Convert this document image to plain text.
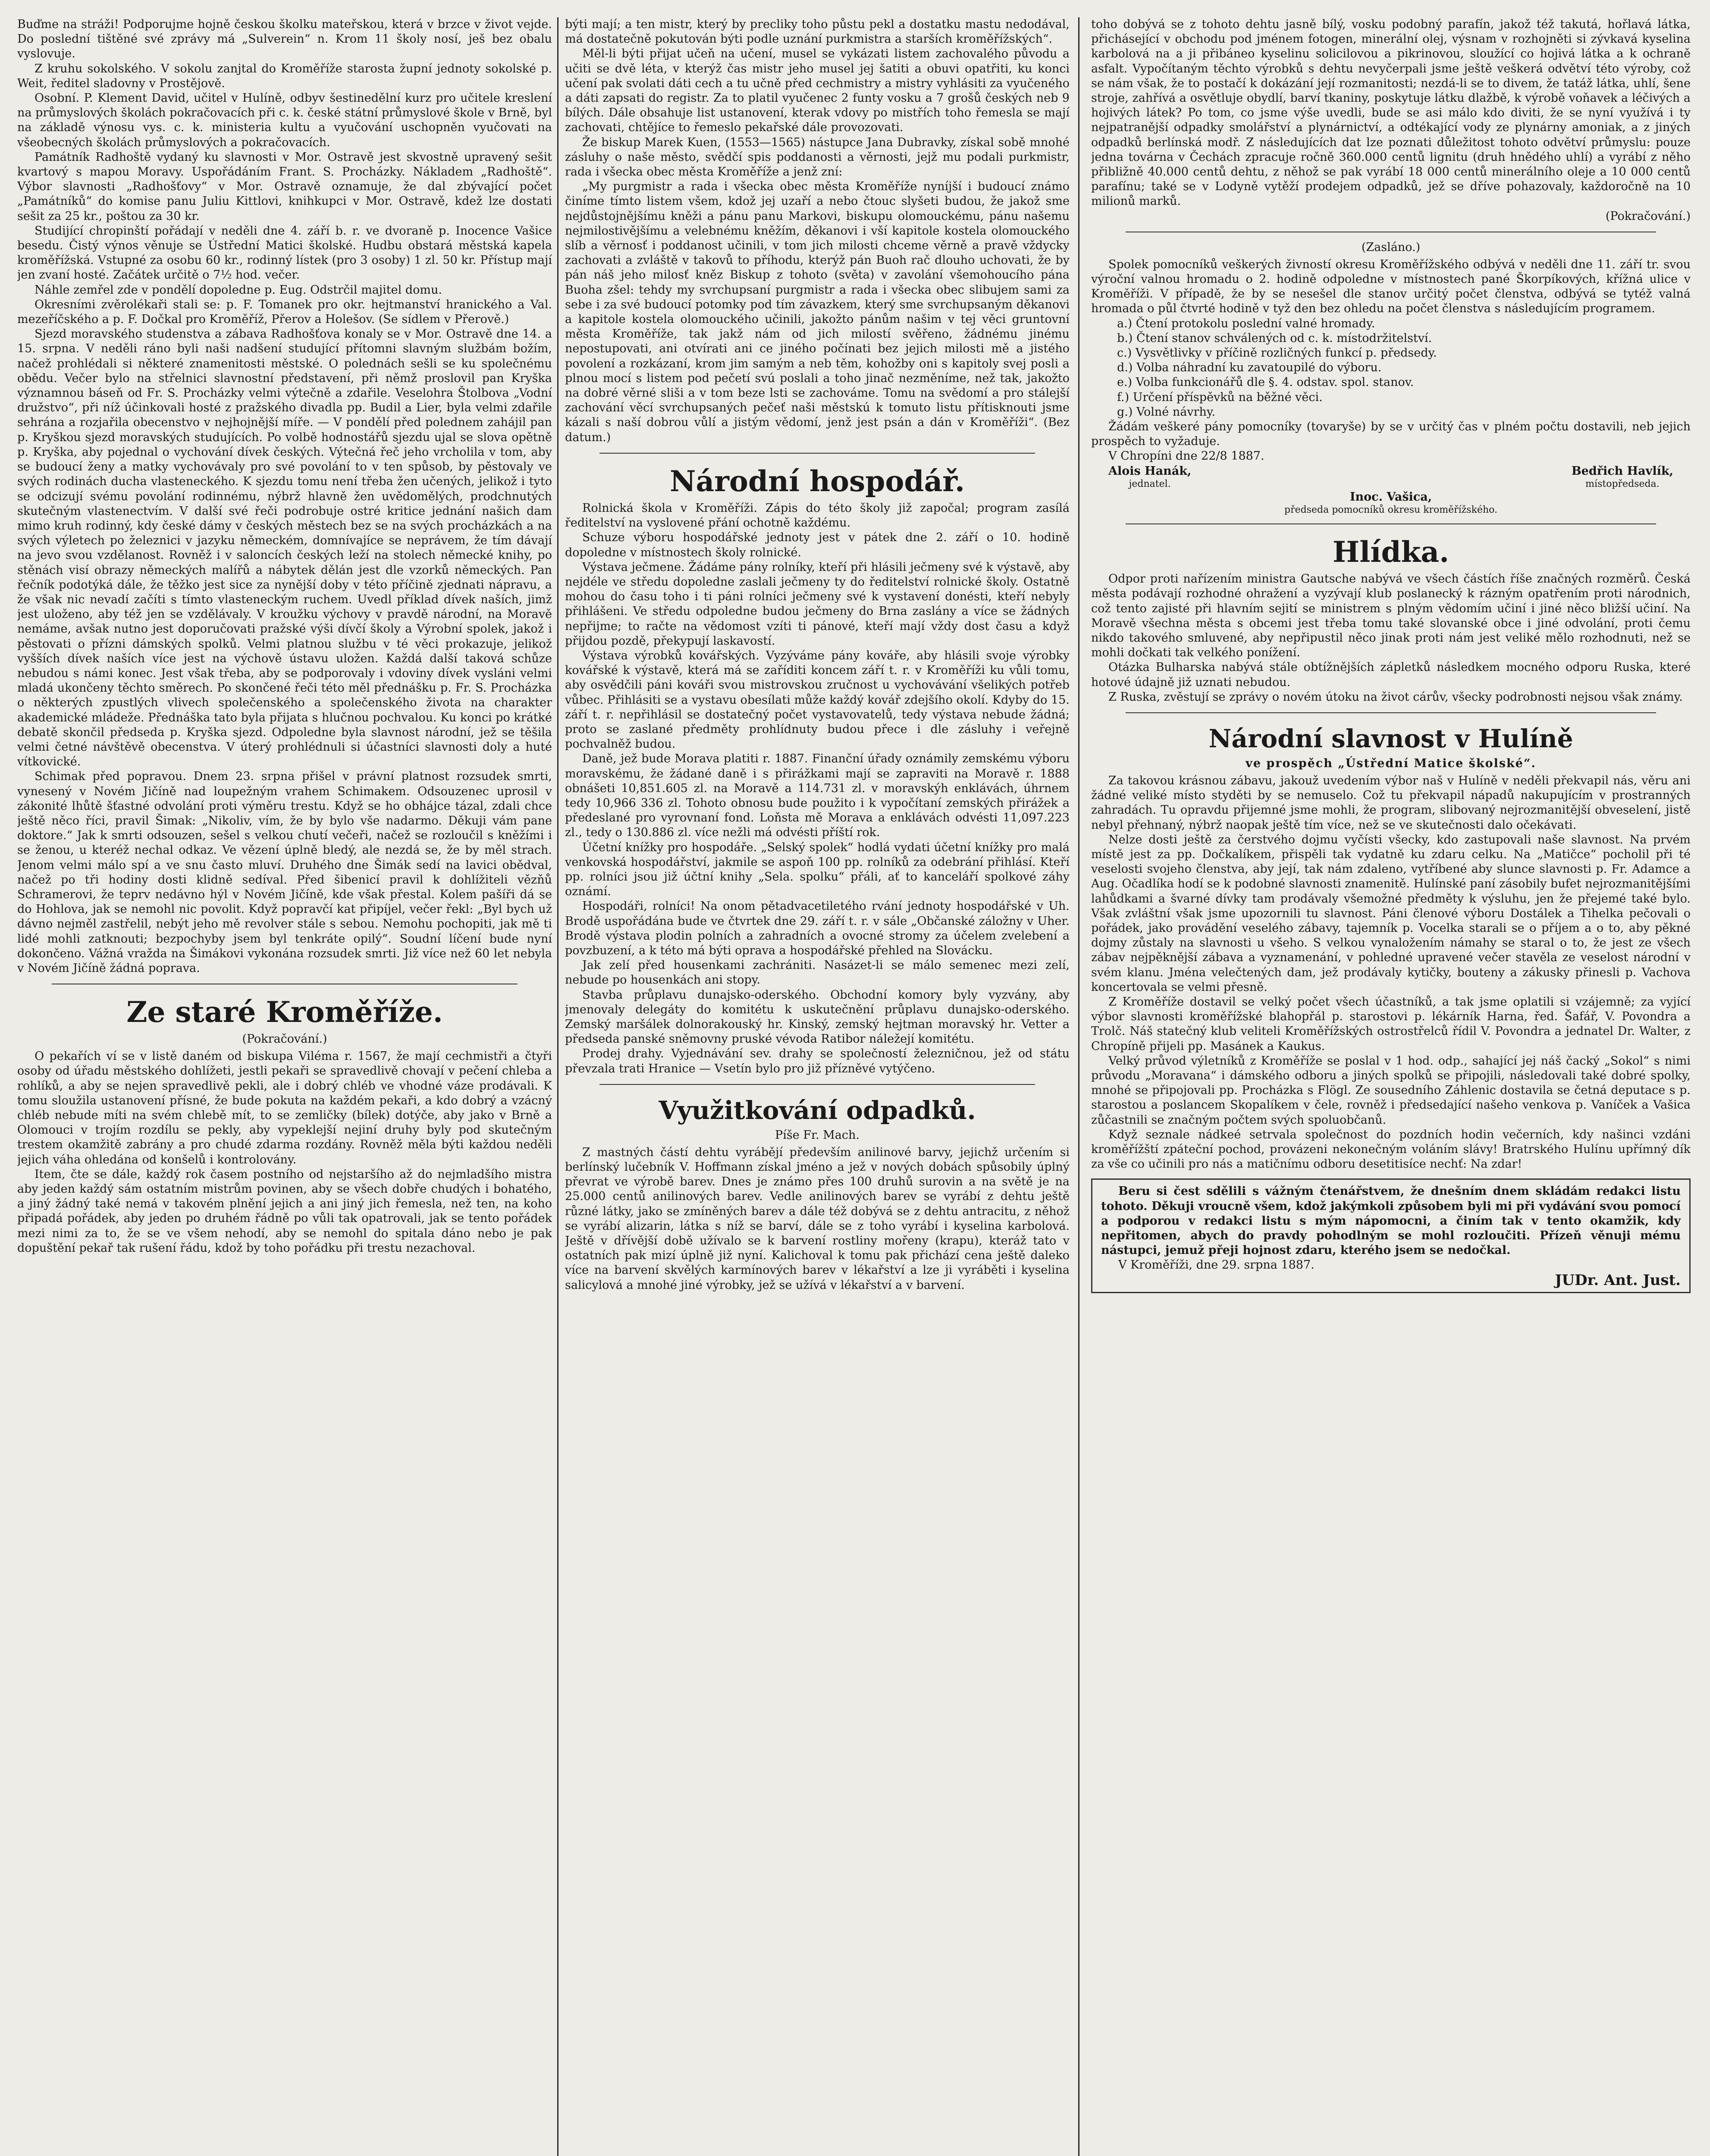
Buďme na stráži! Podporujme hojně českou školku mateřskou, která v brzce v život vejde. Do poslední tištěné své zprávy má „Sulverein“ n. Krom 11 školy nosí, ješ bez obalu vyslovuje.

Z kruhu sokolského. V sokolu zanjtal do Kroměříže starosta župní jednoty sokolské p. Weit, ředitel sladovny v Prostějově.

Osobní. P. Klement David, učitel v Hulíně, odbyv šestinedělní kurz pro učitele kreslení na průmyslových školách pokračovacích při c. k. české státní průmyslové škole v Brně, byl na základě výnosu vys. c. k. ministeria kultu a vyučování uschopněn vyučovati na všeobecných školách průmyslových a pokračovacích.

Památník Radhoště vydaný ku slavnosti v Mor. Ostravě jest skvostně upravený sešit kvartový s mapou Moravy. Uspořádáním Frant. S. Procházky. Nákladem „Radhoště“. Výbor slavnosti „Radhošťovy“ v Mor. Ostravě oznamuje, že dal zbývající počet „Památníků“ do komise panu Juliu Kittlovi, knihkupci v Mor. Ostravě, kdež lze dostati sešit za 25 kr., poštou za 30 kr.

Studijící chropinští pořádají v neděli dne 4. září b. r. ve dvoraně p. Inocence Vašice besedu. Čistý výnos věnuje se Ústřední Matici školské. Hudbu obstará městská kapela kroměřížská. Vstupné za osobu 60 kr., rodinný lístek (pro 3 osoby) 1 zl. 50 kr. Přístup mají jen zvaní hosté. Začátek určitě o 7½ hod. večer.

Náhle zemřel zde v pondělí dopoledne p. Eug. Odstrčil majitel domu.

Okresními zvěrolékaři stali se: p. F. Tomanek pro okr. hejtmanství hranického a Val. mezeříčského a p. F. Dočkal pro Kroměříž, Přerov a Holešov. (Se sídlem v Přerově.)

Sjezd moravského studenstva a zábava Radhošťova konaly se v Mor. Ostravě dne 14. a 15. srpna. V neděli ráno byli naši nadšení studující přítomni slavným službám božím, načež prohlédali si některé znamenitosti městské. O polednách sešli se ku společnému obědu. Večer bylo na střelnici slavnostní představení, při němž proslovil pan Kryška významnou báseň od Fr. S. Procházky velmi výtečně a zdařile. Veselohra Štolbova „Vodní družstvo“, při níž účinkovali hosté z pražského divadla pp. Budil a Lier, byla velmi zdařile sehrána a rozjařila obecenstvo v nejhojnější míře. — V pondělí před polednem zahájil pan p. Kryškou sjezd moravských studujících. Po volbě hodnostářů sjezdu ujal se slova opětně p. Kryška, aby pojednal o vychování dívek českých. Výtečná řeč jeho vrcholila v tom, aby se budoucí ženy a matky vychovávaly pro své povolání to v ten spůsob, by pěstovaly ve svých rodinách ducha vlasteneckého. K sjezdu tomu není třeba žen učených, jelikož i tyto se odcizují svému povolání rodinnému, nýbrž hlavně žen uvědomělých, prodchnutých skutečným vlastenectvím. V další své řeči podrobuje ostré kritice jednání našich dam mimo kruh rodinný, kdy české dámy v českých městech bez se na svých procházkách a na svých výletech po železnici v jazyku německém, domnívajíce se neprávem, že tím dávají na jevo svou vzdělanost. Rovněž i v saloncích českých leží na stolech německé knihy, po stěnách visí obrazy německých malířů a nábytek dělán jest dle vzorků německých. Pan řečník podotýká dále, že těžko jest sice za nynější doby v této příčině zjednati nápravu, a že však nic nevadí začíti s tímto vlasteneckým ruchem. Uvedl příklad dívek naších, jimž jest uloženo, aby též jen se vzdělávaly. V kroužku výchovy v pravdě národní, na Moravě nemáme, avšak nutno jest doporučovati pražské výši dívčí školy a Výrobní spolek, jakož i pěstovati o přízni dámských spolků. Velmi platnou službu v té věci prokazuje, jelikož vyšších dívek naších více jest na výchově ústavu uložen. Každá další taková schůze nebudou s námi konec. Jest však třeba, aby se podporovaly i vdoviny dívek vysláni velmi mladá ukončeny těchto směrech. Po skončené řeči této měl přednášku p. Fr. S. Procházka o některých zpustlých vlivech společenského a společenského života na charakter akademické mládeže. Přednáška tato byla přijata s hlučnou pochvalou. Ku konci po krátké debatě skončil předseda p. Kryška sjezd. Odpoledne byla slavnost národní, jež se těšila velmi četné návštěvě obecenstva. V úterý prohlédnuli si účastníci slavnosti doly a huté vítkovické.

Schimak před popravou. Dnem 23. srpna přišel v právní platnost rozsudek smrti, vynesený v Novém Jičíně nad loupežným vrahem Schimakem. Odsouzenec uprosil v zákonité lhůtě šťastné odvolání proti výměru trestu. Když se ho obhájce tázal, zdali chce ještě něco říci, pravil Šimak: „Nikoliv, vím, že by bylo vše nadarmo. Děkuji vám pane doktore.“ Jak k smrti odsouzen, sešel s velkou chutí večeři, načež se rozloučil s kněžími i se ženou, u kteréž nechal odkaz. Ve vězení úplně bledý, ale nezdá se, že by měl strach. Jenom velmi málo spí a ve snu často mluví. Druhého dne Šimák sedí na lavici obědval, načež po tři hodiny dosti klidně sedíval. Před šibenicí pravil k dohlížiteli vězňů Schramerovi, že teprv nedávno hýl v Novém Jičíně, kde však přestal. Kolem pašíři dá se do Hohlova, jak se nemohl nic povolit. Když popravčí kat připíjel, večer řekl: „Byl bych už dávno nejměl zastřelil, nebýt jeho mě revolver stále s sebou. Nemohu pochopiti, jak mě ti lidé mohli zatknouti; bezpochyby jsem byl tenkráte opilý“. Soudní líčení bude nyní dokončeno. Vážná vražda na Šimákovi vykonána rozsudek smrti. Již více než 60 let nebyla v Novém Jičíně žádná poprava.

Ze staré Kroměříže.
(Pokračování.)

O pekařích ví se v listě daném od biskupa Viléma r. 1567, že mají cechmistři a čtyři osoby od úřadu městského dohlížeti, jestli pekaři se spravedlivě chovají v pečení chleba a rohlíků, a aby se nejen spravedlivě pekli, ale i dobrý chléb ve vhodné váze prodávali. K tomu sloužila ustanovení přísné, že bude pokuta na každém pekaři, a kdo dobrý a vzácný chléb nebude míti na svém chlebě mít, to se zemličky (bílek) dotýče, aby jako v Brně a Olomouci v trojím rozdílu se pekly, aby vypeklejší nejiní druhy byly pod skutečným trestem okamžitě zabrány a pro chudé zdarma rozdány. Rovněž měla býti každou neděli jejich váha ohledána od konšelů i kontrolovány.

Item, čte se dále, každý rok časem postního od nejstaršího až do nejmladšího mistra aby jeden každý sám ostatním mistrům povinen, aby se všech dobře chudých i bohatého, a jiný žádný také nemá v takovém plnění jejich a ani jiný jich řemesla, než ten, na koho připadá pořádek, aby jeden po druhém řádně po vůli tak opatrovali, jak se tento pořádek mezi nimi za to, že se ve všem nehodí, aby se nemohl do spitala dáno nebo je pak dopuštění pekař tak rušení řádu, kdož by toho pořádku při trestu nezachoval.

býti mají; a ten mistr, který by precliky toho půstu pekl a dostatku mastu nedodával, má dostatečně pokutován býti podle uznání purkmistra a starších kroměřížských“.

Měl-li býti přijat učeň na učení, musel se vykázati listem zachovalého původu a učiti se dvě léta, v kterýž čas mistr jeho musel jej šatiti a obuvi opatřiti, ku konci učení pak svolati dáti cech a tu učně před cechmistry a mistry vyhlásiti za vyučeného a dáti zapsati do registr. Za to platil vyučenec 2 funty vosku a 7 grošů českých neb 9 bílých. Dále obsahuje list ustanovení, kterak vdovy po mistřích toho řemesla se mají zachovati, chtějíce to řemeslo pekařské dále provozovati.

Že biskup Marek Kuen, (1553—1565) nástupce Jana Dubravky, získal sobě mnohé zásluhy o naše město, svědčí spis poddanosti a věrnosti, jejž mu podali purkmistr, rada i všecka obec města Kroměříže a jenž zní:

„My purgmistr a rada i všecka obec města Kroměříže nyníjší i budoucí známo činíme tímto listem všem, kdož jej uzaří a nebo čtouc slyšeti budou, že jakož sme nejdůstojnějšímu kněži a pánu panu Markovi, biskupu olomouckému, pánu našemu nejmilostivějšímu a velebnému kněžím, děkanovi i vší kapitole kostela olomouckého slíb a věrnosť i poddanost učinili, v tom jich milosti chceme věrně a pravě vždycky zachovati a zvláště v takovů to příhodu, kterýž pán Buoh rač dlouho uchovati, že by pán náš jeho milosť kněz Biskup z tohoto (světa) v zavolání všemohoucího pána Buoha zšel: tehdy my svrchupsaní purgmistr a rada i všecka obec slibujem sami za sebe i za své budoucí potomky pod tím závazkem, který sme svrchupsaným děkanovi a kapitole kostela olomouckého učinili, jakožto pánům našim v tej věci gruntovní města Kroměříže, tak jakž nám od jich milostí svěřeno, žádnému jinému nepostupovati, ani otvírati ani ce jiného počínati bez jejich milosti mě a jistého povolení a rozkázaní, krom jim samým a neb těm, kohožby oni s kapitoly svej posli a plnou mocí s listem pod pečetí svú poslali a toho jinač nezměníme, než tak, jakožto na dobré věrné sliši a v tom beze lsti se zachováme. Tomu na svědomí a pro stálejší zachování věcí svrchupsaných pečeť naši městskú k tomuto listu přítisknouti jsme kázali s naší dobrou vůlí a jistým vědomí, jenž jest psán a dán v Kroměříži“. (Bez datum.)

Národní hospodář.

Rolnická škola v Kroměříži. Zápis do této školy již započal; program zasílá ředitelství na vyslovené přání ochotně každému.

Schuze výboru hospodářské jednoty jest v pátek dne 2. září o 10. hodině dopoledne v místnostech školy rolnické.

Výstava ječmene. Žádáme pány rolníky, kteří při hlásili ječmeny své k výstavě, aby nejdéle ve středu dopoledne zaslali ječmeny ty do ředitelství rolnické školy. Ostatně mohou do času toho i ti páni rolníci ječmeny své k vystavení donésti, kteří nebyly přihlášeni. Ve středu odpoledne budou ječmeny do Brna zaslány a více se žádných nepřijme; to račte na vědomost vzíti ti pánové, kteří mají vždy dost času a když přijdou pozdě, překypují laskavostí.

Výstava výrobků kovářských. Vyzýváme pány kováře, aby hlásili svoje výrobky kovářské k výstavě, která má se zaříditi koncem září t. r. v Kroměříži ku vůli tomu, aby osvědčili páni kováři svou mistrovskou zručnost u vychovávání všelikých potřeb vůbec. Přihlásiti se a vystavu obesílati může každý kovář zdejšího okolí. Kdyby do 15. září t. r. nepřihlásil se dostatečný počet vystavovatelů, tedy výstava nebude žádná; proto se zaslané předměty prohlídnuty budou přece i dle zásluhy i veřejně pochvalněž budou.

Daně, jež bude Morava platiti r. 1887. Finanční úřady oznámily zemskému výboru moravskému, že žádané daně i s přirážkami mají se zapraviti na Moravě r. 1888 obnášeti 10,851.605 zl. na Moravě a 114.731 zl. v moravskýh enklávách, úhrnem tedy 10,966 336 zl. Tohoto obnosu bude použito i k vypočítaní zemských přirážek a předeslané pro vyrovnaní fond. Loňsta mě Morava a enklávách odvésti 11,097.223 zl., tedy o 130.886 zl. více nežli má odvésti příští rok.

Účetní knížky pro hospodáře. „Selský spolek“ hodlá vydati účetní knížky pro malá venkovská hospodářství, jakmile se aspoň 100 pp. rolníků za odebrání přihlásí. Kteří pp. rolníci jsou již účtní knihy „Sela. spolku“ přáli, ať to kanceláří spolkové záhy oznámí.

Hospodáři, rolníci! Na onom pětadvacetiletého rvání jednoty hospodářské v Uh. Brodě uspořádána bude ve čtvrtek dne 29. září t. r. v sále „Občanské záložny v Uher. Brodě výstava plodin polních a zahradních a ovocné stromy za účelem zvelebení a povzbuzení, a k této má býti oprava a hospodářské přehled na Slovácku.

Jak zelí před housenkami zachrániti. Nasázet-li se málo semenec mezi zelí, nebude po housenkách ani stopy.

Stavba průplavu dunajsko-oderského. Obchodní komory byly vyzvány, aby jmenovaly delegáty do komitétu k uskutečnění průplavu dunajsko-oderského. Zemský maršálek dolnorakouský hr. Kinský, zemský hejtman moravský hr. Vetter a předseda panské sněmovny pruské vévoda Ratibor náležejí komitétu.

Prodej drahy. Vyjednávání sev. drahy se společností železničnou, jež od státu převzala trati Hranice — Vsetín bylo pro již přízněvé vytýčeno.

Využitkování odpadků.
Píše Fr. Mach.

Z mastných částí dehtu vyrábějí především anilinové barvy, jejichž určením si berlínský lučebník V. Hoffmann získal jméno a jež v nových dobách spůsobily úplný převrat ve výrobě barev. Dnes je známo přes 100 druhů surovin a na světě je na 25.000 centů anilinových barev. Vedle anilinových barev se vyrábí z dehtu ještě různé látky, jako se zmíněných barev a dále též dobývá se z dehtu antracitu, z něhož se vyrábí alizarin, látka s níž se barví, dále se z toho vyrábí i kyselina karbolová. Ještě v dřívější době užívalo se k barvení rostliny mořeny (krapu), kteráž tato v ostatních pak mizí úplně již nyní. Kalichoval k tomu pak přichází cena ještě daleko více na barvení skvělých karmínových barev v lékařství a lze ji vyráběti i kyselina salicylová a mnohé jiné výrobky, jež se užívá v lékařství a v barvení.

toho dobývá se z tohoto dehtu jasně bílý, vosku podobný parafín, jakož též takutá, hořlavá látka, přichásející v obchodu pod jménem fotogen, minerální olej, výsnam v rozhojněti si zývkavá kyselina karbolová na a ji přibáneo kyselinu solicilovou a pikrinovou, sloužící co hojivá látka a k ochraně asfalt. Vypočítaným těchto výrobků s dehtu nevyčerpali jsme ještě veškerá odvětví této výroby, což se nám však, že to postačí k dokázání její rozmanitosti; nezdá-li se to divem, že tatáž látka, uhlí, šene stroje, zahřívá a osvětluje obydlí, barví tkaniny, poskytuje látku dlažbě, k výrobě voňavek a léčivých a hojivých látek? Po tom, co jsme výše uvedli, bude se asi málo kdo diviti, že se nyní využívá i ty nejpatranější odpadky smolářství a plynárnictví, a odtékající vody ze plynárny amoniak, a z jiných odpadků berlínská modř. Z následujících dat lze poznati důležitost tohoto odvětví průmyslu: pouze jedna továrna v Čechách zpracuje ročně 360.000 centů lignitu (druh hnědého uhlí) a vyrábí z něho přibližně 40.000 centů dehtu, z něhož se pak vyrábí 18 000 centů minerálního oleje a 10 000 centů parafínu; také se v Lodyně vytěží prodejem odpadků, jež se dříve pohazovaly, každoročně na 10 milionů marků.

(Pokračování.)

(Zasláno.)

Spolek pomocníků veškerých živností okresu Kroměřížského odbývá v neděli dne 11. září tr. svou výroční valnou hromadu o 2. hodině odpoledne v místnostech pané Škorpíkových, křížná ulice v Kroměříži. V případě, že by se nesešel dle stanov určitý počet členstva, odbývá se tytéž valná hromada o půl čtvrté hodině v tyž den bez ohledu na počet členstva s následujícím programem.

a.) Čtení protokolu poslední valné hromady.

b.) Čtení stanov schválených od c. k. místodržitelství.

c.) Vysvětlivky v příčině rozličných funkcí p. předsedy.

d.) Volba náhradní ku zavatoupilé do výboru.

e.) Volba funkcionářů dle §. 4. odstav. spol. stanov.

f.) Určení příspěvků na běžné věci.

g.) Volné návrhy.

Žádám veškeré pány pomocníky (tovaryše) by se v určitý čas v plném počtu dostavili, neb jejich prospěch to vyžaduje.

V Chropíni dne 22/8 1887.

Alois Hanák,
jednatel.
Bedřich Havlík,
místopředseda.
Inoc. Vašica,
předseda pomocníků okresu kroměřížského.
Hlídka.

Odpor proti nařízením ministra Gautsche nabývá ve všech částích říše značných rozměrů. Česká města podávají rozhodné ohražení a vyzývají klub poslanecký k rázným opatřením proti národnich, což tento zajisté při hlavním sejití se ministrem s plným vědomím učiní i jiné něco bližší učiní. Na Moravě všechna města s obcemi jest třeba tomu také slovanské obce i jiné odvolání, proti čemu nikdo takového smluvené, aby nepřipustil něco jinak proti nám jest veliké mělo rozhodnuti, než se mohli dočkati tak velkého ponížení.

Otázka Bulharska nabývá stále obtížnějších zápletků následkem mocného odporu Ruska, které hotové údajně již uznati nebudou.

Z Ruska, zvěstují se zprávy o novém útoku na život cárův, všecky podrobnosti nejsou však známy.

Národní slavnost v Hulíně
ve prospěch „Ústřední Matice školské“.

Za takovou krásnou zábavu, jakouž uvedením výbor naš v Hulíně v neděli překvapil nás, věru ani žádné veliké místo styděti by se nemuselo. Což tu překvapil nápadů nakupujícím v prostranných zahradách. Tu opravdu přijemné jsme mohli, že program, slibovaný nejrozmanitější obveselení, jistě nebyl přehnaný, nýbrž naopak ještě tím více, než se ve skutečnosti dalo očekávati.

Nelze dosti ještě za čerstvého dojmu vyčísti všecky, kdo zastupovali naše slavnost. Na prvém místě jest za pp. Dočkalíkem, přispěli tak vydatně ku zdaru celku. Na „Matičce“ pocholil při té veselosti svojeho členstva, aby její, tak nám zdaleno, vytříbené aby slunce slavnosti p. Fr. Adamce a Aug. Očadlíka hodí se k podobné slavnosti znamenitě. Hulínské paní zásobily bufet nejrozmanitějšími lahůdkami a švarné dívky tam prodávaly všemožné předměty k výsluhu, jen že přejemé také bylo. Však zvláštní však jsme upozornili tu slavnost. Páni členové výboru Dostálek a Tihelka pečovali o pořádek, jako provádění veselého zábavy, tajemník p. Vocelka starali se o příjem a o to, aby pěkné dojmy zůstaly na slavnosti u všeho. S velkou vynaložením námahy se staral o to, že jest ze všech zábav nejpěknější zábava a vyznamenání, v pohledné upravené večer stavěla ze veselost národní v svém klanu. Jména velečtených dam, jež prodávaly kytičky, bouteny a zákusky přinesli p. Vachova koncertovala se velmi přesně.

Z Kroměříže dostavil se velký počet všech účastníků, a tak jsme oplatili si vzájemně; za vyjící výbor slavnosti kroměřížské blahopřál p. starostovi p. lékárník Harna, řed. Šafář, V. Povondra a Trolč. Náš statečný klub veliteli Kroměřížských ostrostřelců řídil V. Povondra a jednatel Dr. Walter, z Chropíně přijeli pp. Masánek a Kaukus.

Velký průvod výletníků z Kroměříže se poslal v 1 hod. odp., sahající jej náš čacký „Sokol“ s nimi průvodu „Moravana“ i dámského odboru a jiných spolků se připojili, následovali také dobré spolky, mnohé se připojovali pp. Procházka s Flögl. Ze sousedního Záhlenic dostavila se četná deputace s p. starostou a poslancem Skopalíkem v čele, rovněž i předsedající našeho venkova p. Vaníček a Vašica zůčastnili se značným počtem svých spoluobčanů.

Když seznale nádkeé setrvala společnost do pozdních hodin večerních, kdy našinci vzdáni kroměřížští zpáteční pochod, provázeni nekonečným voláním slávy! Bratrského Hulínu upřímný dík za vše co učinili pro nás a matičnímu odboru desetitisíce nechť: Na zdar!

Beru si čest sdělili s vážným čtenářstvem, že dnešním dnem skládám redakci listu tohoto. Děkuji vroucně všem, kdož jakýmkoli způsobem byli mi při vydávání svou pomocí a podporou v redakci listu s mým nápomocni, a činím tak v tento okamžik, kdy nepřitomen, abych do pravdy pohodlným se mohl rozloučiti. Přízeň věnuji mému nástupci, jemuž přeji hojnost zdaru, kterého jsem se nedočkal.

V Kroměříži, dne 29. srpna 1887.

JUDr. Ant. Just.
